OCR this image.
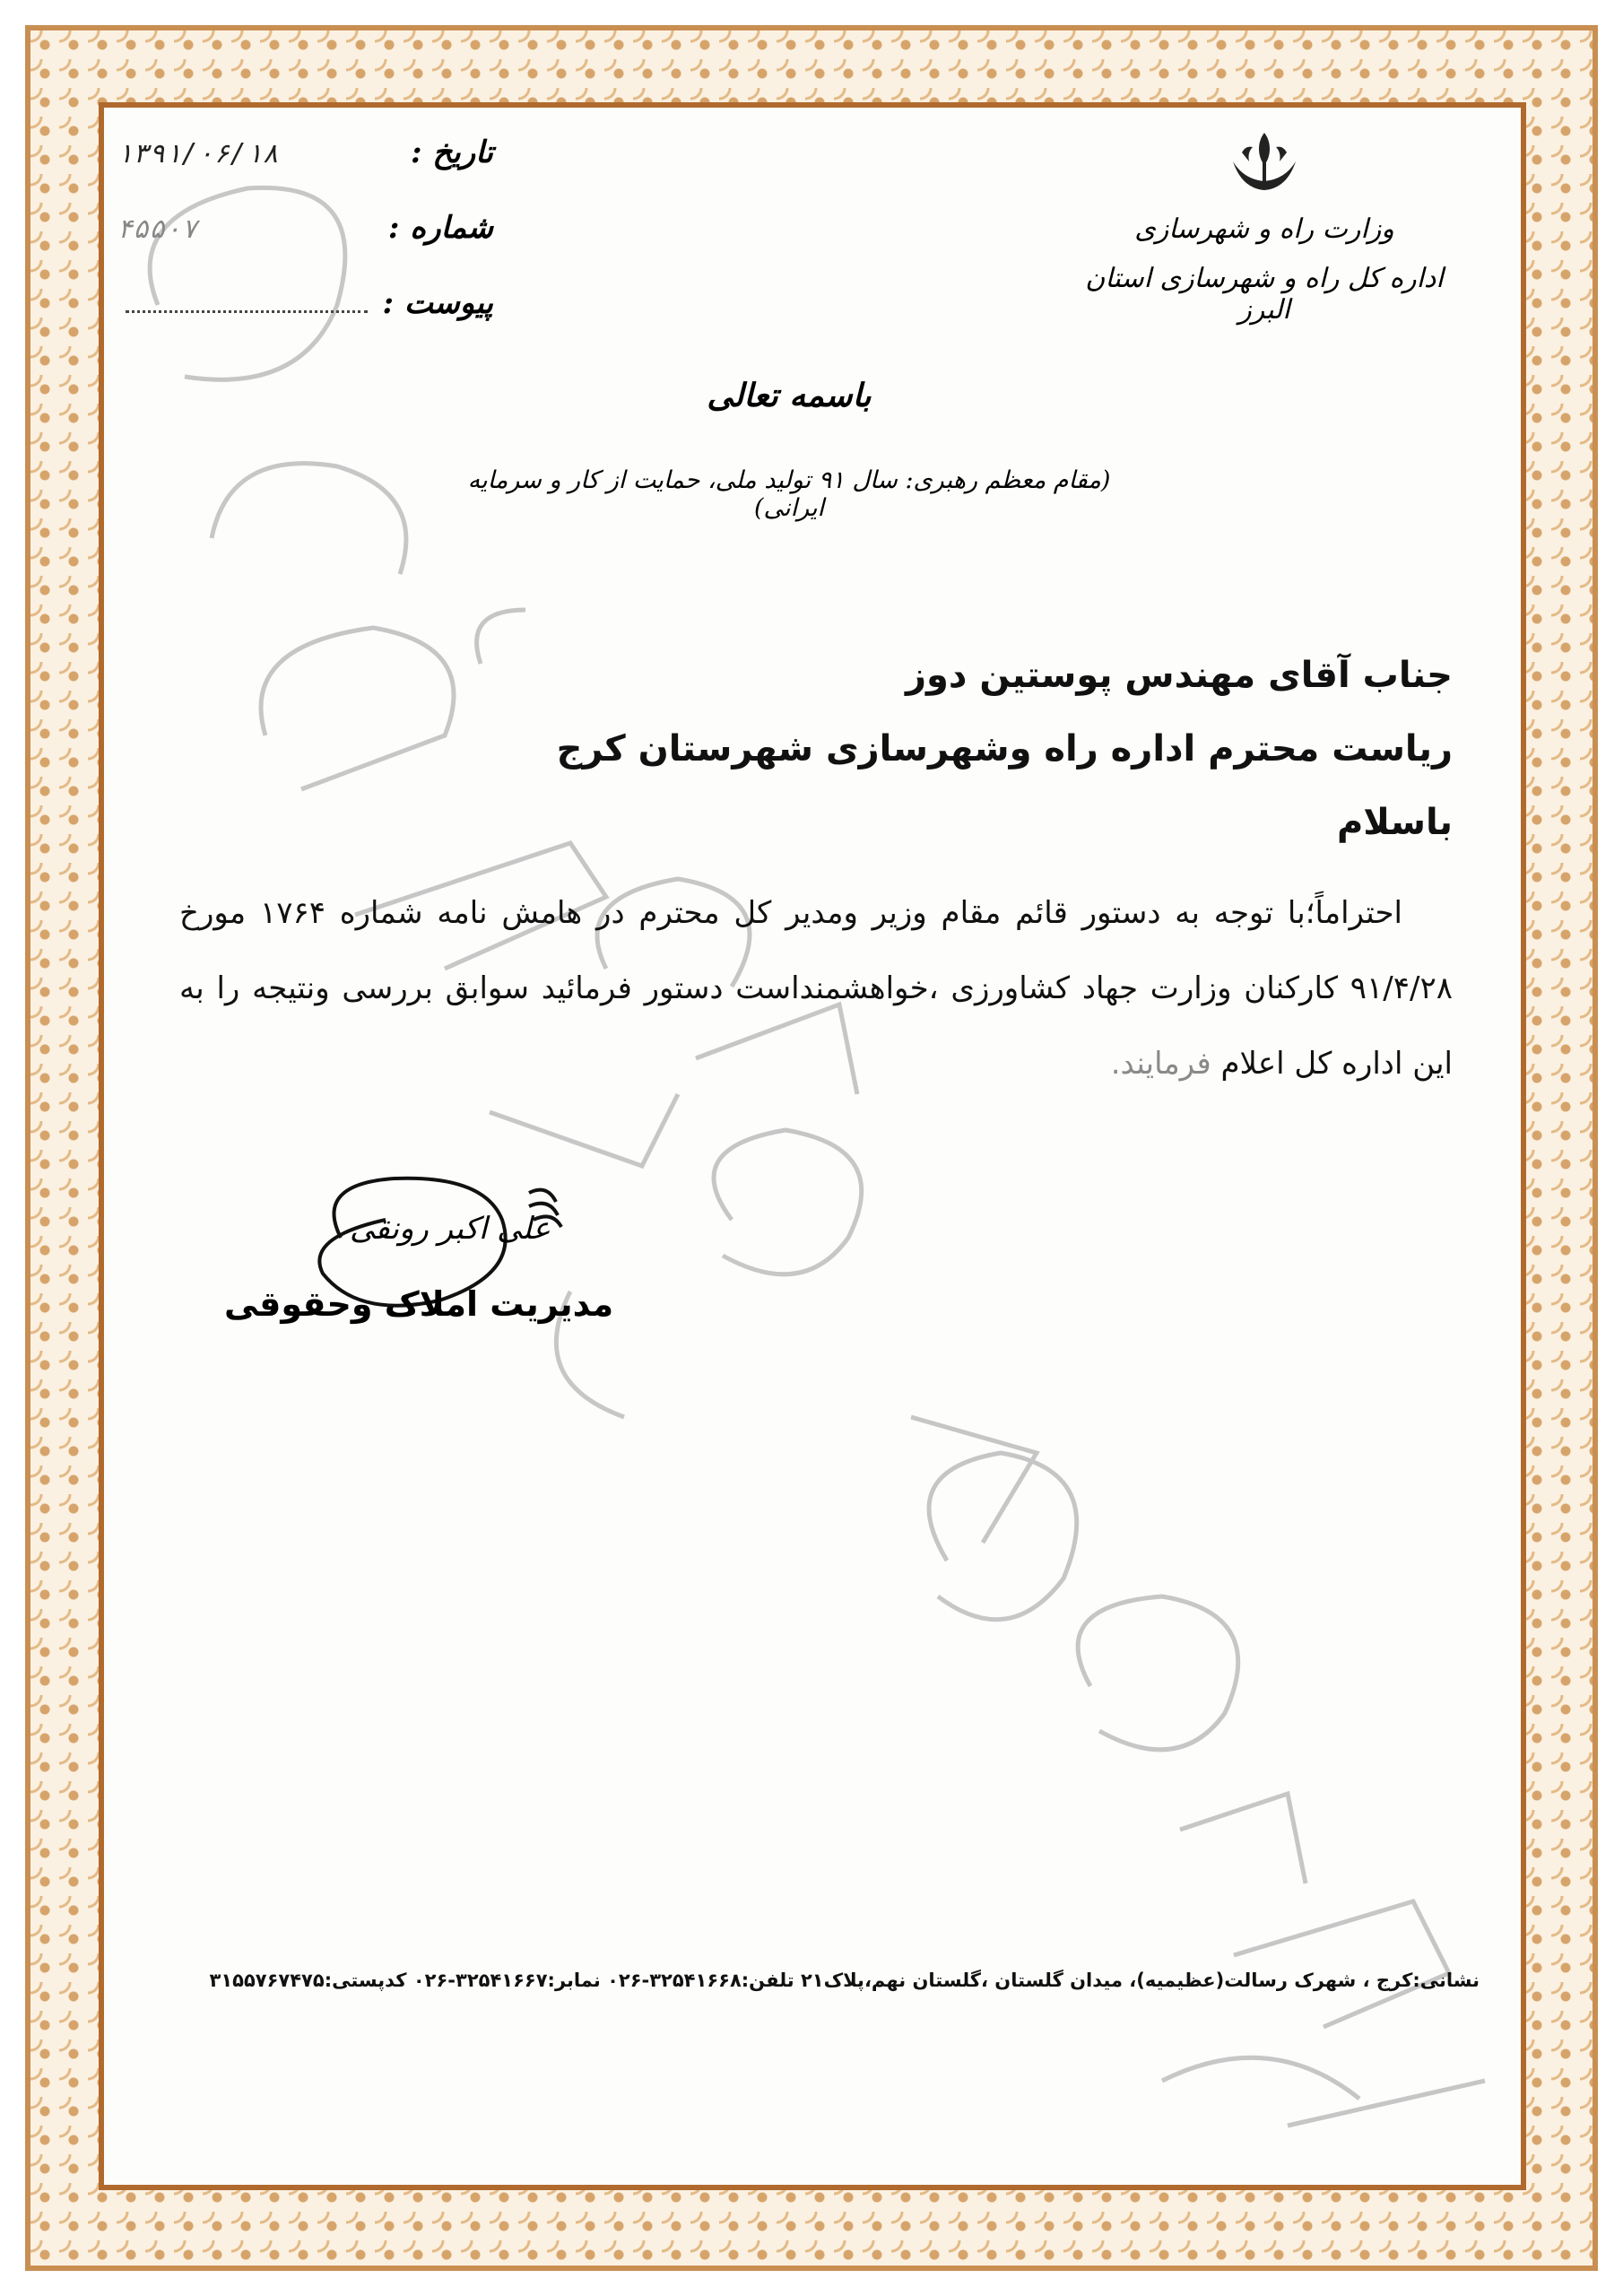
وزارت راه و شهرسازی
اداره کل راه و شهرسازی استان البرز
۱۳۹۱/۰۶/۱۸	تاریخ :
۴۵۵۰۷	شماره :
پیوست :
باسمه تعالی
(مقام معظم رهبری: سال ۹۱ تولید ملی، حمایت از کار و سرمایه ایرانی)
جناب آقای مهندس پوستین دوز
ریاست محترم اداره راه وشهرسازی شهرستان کرج
باسلام
احتراماً؛با توجه به دستور قائم مقام وزیر ومدیر کل محترم در هامش نامه شماره ۱۷۶۴ مورخ ۹۱/۴/۲۸ کارکنان وزارت جهاد کشاورزی ،خواهشمنداست دستور فرمائید سوابق بررسی ونتیجه را به این اداره کل اعلام فرمایند.
علی اکبر رونقی
مدیریت املاک وحقوقی
نشانی:کرج ، شهرک رسالت(عظیمیه)، میدان گلستان ،گلستان نهم،پلاک۲۱ تلفن:۳۲۵۴۱۶۶۸-۰۲۶ نمابر:۳۲۵۴۱۶۶۷-۰۲۶ کدپستی:۳۱۵۵۷۶۷۴۷۵
